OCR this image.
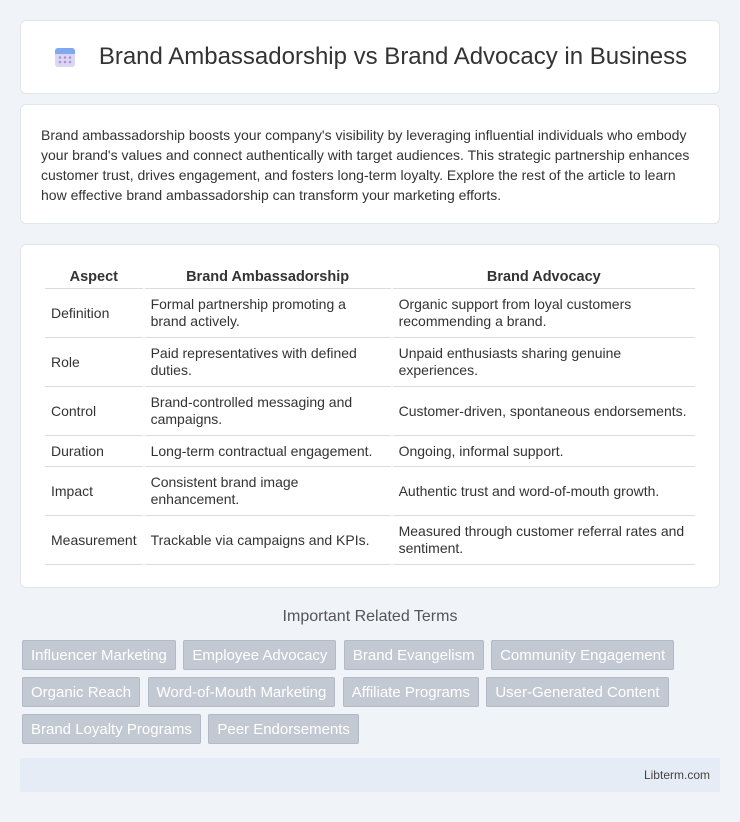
Brand Ambassadorship vs Brand Advocacy in Business

Brand ambassadorship boosts your company's visibility by leveraging influential individuals who embody your brand's values and connect authentically with target audiences. This strategic partnership enhances customer trust, drives engagement, and fosters long-term loyalty. Explore the rest of the article to learn how effective brand ambassadorship can transform your marketing efforts.

Aspect	Brand Ambassadorship	Brand Advocacy
Definition	Formal partnership promoting a brand actively.	Organic support from loyal customers recommending a brand.
Role	Paid representatives with defined duties.	Unpaid enthusiasts sharing genuine experiences.
Control	Brand-controlled messaging and campaigns.	Customer-driven, spontaneous endorsements.
Duration	Long-term contractual engagement.	Ongoing, informal support.
Impact	Consistent brand image enhancement.	Authentic trust and word-of-mouth growth.
Measurement	Trackable via campaigns and KPIs.	Measured through customer referral rates and sentiment.
Important Related Terms
Influencer Marketing Employee Advocacy Brand Evangelism Community Engagement
Organic Reach Word-of-Mouth Marketing Affiliate Programs User-Generated Content
Brand Loyalty Programs Peer Endorsements
Libterm.com
